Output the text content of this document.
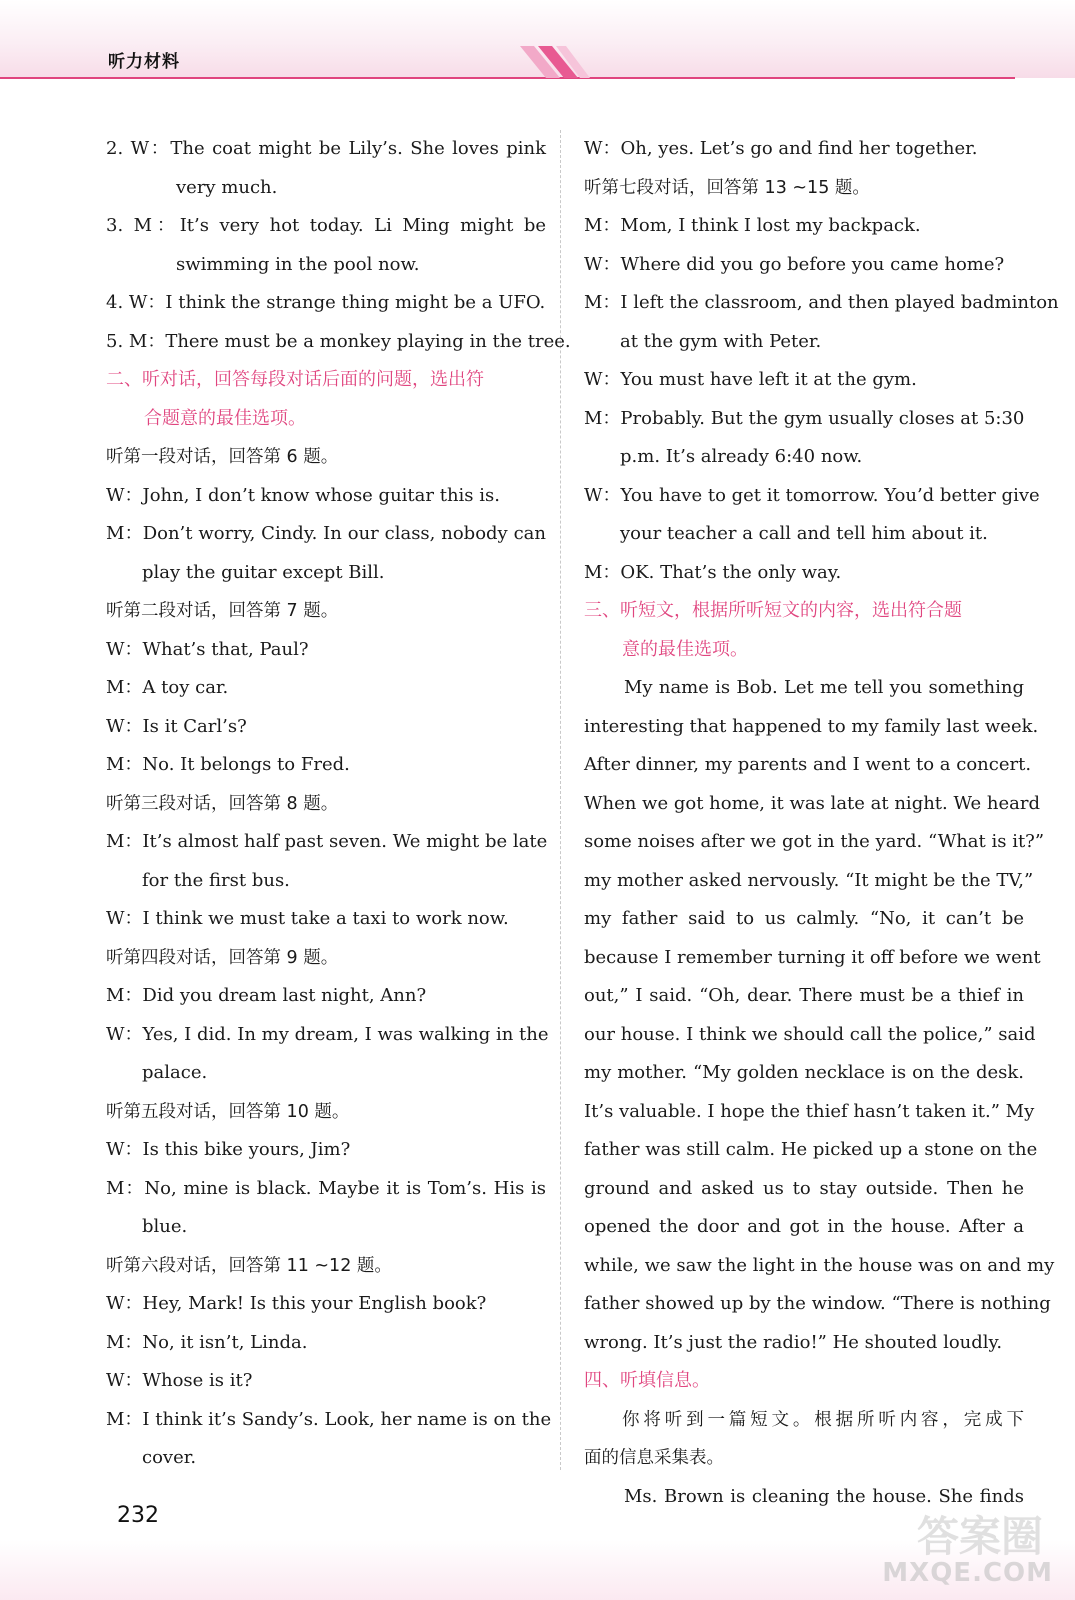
听力材料
2. W：The coat might be Lily’s. She loves pink
very much.
3. M：It’s very hot today. Li Ming might be
swimming in the pool now.
4. W：I think the strange thing might be a UFO.
5. M：There must be a monkey playing in the tree.
二、听对话，回答每段对话后面的问题，选出符
合题意的最佳选项。
听第一段对话，回答第 6 题。
W：John, I don’t know whose guitar this is.
M：Don’t worry, Cindy. In our class, nobody can
play the guitar except Bill.
听第二段对话，回答第 7 题。
W：What’s that, Paul?
M：A toy car.
W：Is it Carl’s?
M：No. It belongs to Fred.
听第三段对话，回答第 8 题。
M：It’s almost half past seven. We might be late
for the first bus.
W：I think we must take a taxi to work now.
听第四段对话，回答第 9 题。
M：Did you dream last night, Ann?
W：Yes, I did. In my dream, I was walking in the
palace.
听第五段对话，回答第 10 题。
W：Is this bike yours, Jim?
M：No, mine is black. Maybe it is Tom’s. His is
blue.
听第六段对话，回答第 11 ~12 题。
W：Hey, Mark! Is this your English book?
M：No, it isn’t, Linda.
W：Whose is it?
M：I think it’s Sandy’s. Look, her name is on the
cover.
W：Oh, yes. Let’s go and find her together.
听第七段对话，回答第 13 ~15 题。
M：Mom, I think I lost my backpack.
W：Where did you go before you came home?
M：I left the classroom, and then played badminton
at the gym with Peter.
W：You must have left it at the gym.
M：Probably. But the gym usually closes at 5:30
p.m. It’s already 6:40 now.
W：You have to get it tomorrow. You’d better give
your teacher a call and tell him about it.
M：OK. That’s the only way.
三、听短文，根据所听短文的内容，选出符合题
意的最佳选项。
My name is Bob. Let me tell you something
interesting that happened to my family last week.
After dinner, my parents and I went to a concert.
When we got home, it was late at night. We heard
some noises after we got in the yard. “What is it?”
my mother asked nervously. “It might be the TV,”
my father said to us calmly. “No, it can’t be
because I remember turning it off before we went
out,” I said. “Oh, dear. There must be a thief in
our house. I think we should call the police,” said
my mother. “My golden necklace is on the desk.
It’s valuable. I hope the thief hasn’t taken it.” My
father was still calm. He picked up a stone on the
ground and asked us to stay outside. Then he
opened the door and got in the house. After a
while, we saw the light in the house was on and my
father showed up by the window. “There is nothing
wrong. It’s just the radio!” He shouted loudly.
四、听填信息。
你将听到一篇短文。根据所听内容，完成下
面的信息采集表。
Ms. Brown is cleaning the house. She finds
232	答案圈
MXQE.COM
